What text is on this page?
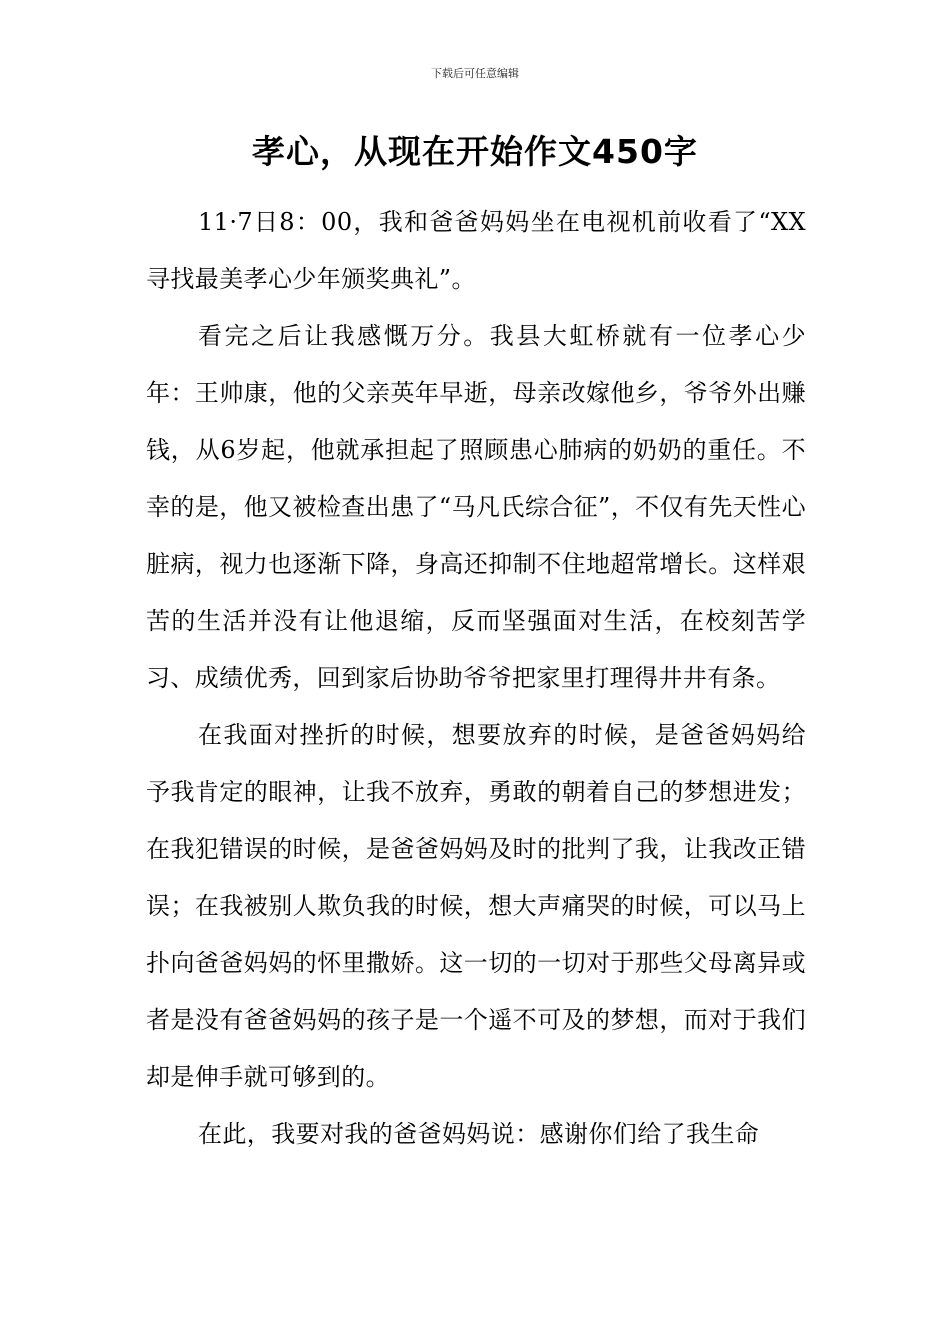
下载后可任意编辑
孝心，从现在开始作文450字

11·7日8：00，我和爸爸妈妈坐在电视机前收看了“XX寻找最美孝心少年颁奖典礼”。

看完之后让我感慨万分。我县大虹桥就有一位孝心少年：王帅康，他的父亲英年早逝，母亲改嫁他乡，爷爷外出赚钱，从6岁起，他就承担起了照顾患心肺病的奶奶的重任。不幸的是，他又被检查出患了“马凡氏综合征”，不仅有先天性心脏病，视力也逐渐下降，身高还抑制不住地超常增长。这样艰苦的生活并没有让他退缩，反而坚强面对生活，在校刻苦学习、成绩优秀，回到家后协助爷爷把家里打理得井井有条。

在我面对挫折的时候，想要放弃的时候，是爸爸妈妈给予我肯定的眼神，让我不放弃，勇敢的朝着自己的梦想进发；在我犯错误的时候，是爸爸妈妈及时的批判了我，让我改正错误；在我被别人欺负我的时候，想大声痛哭的时候，可以马上扑向爸爸妈妈的怀里撒娇。这一切的一切对于那些父母离异或者是没有爸爸妈妈的孩子是一个遥不可及的梦想，而对于我们却是伸手就可够到的。

在此，我要对我的爸爸妈妈说：感谢你们给了我生命
